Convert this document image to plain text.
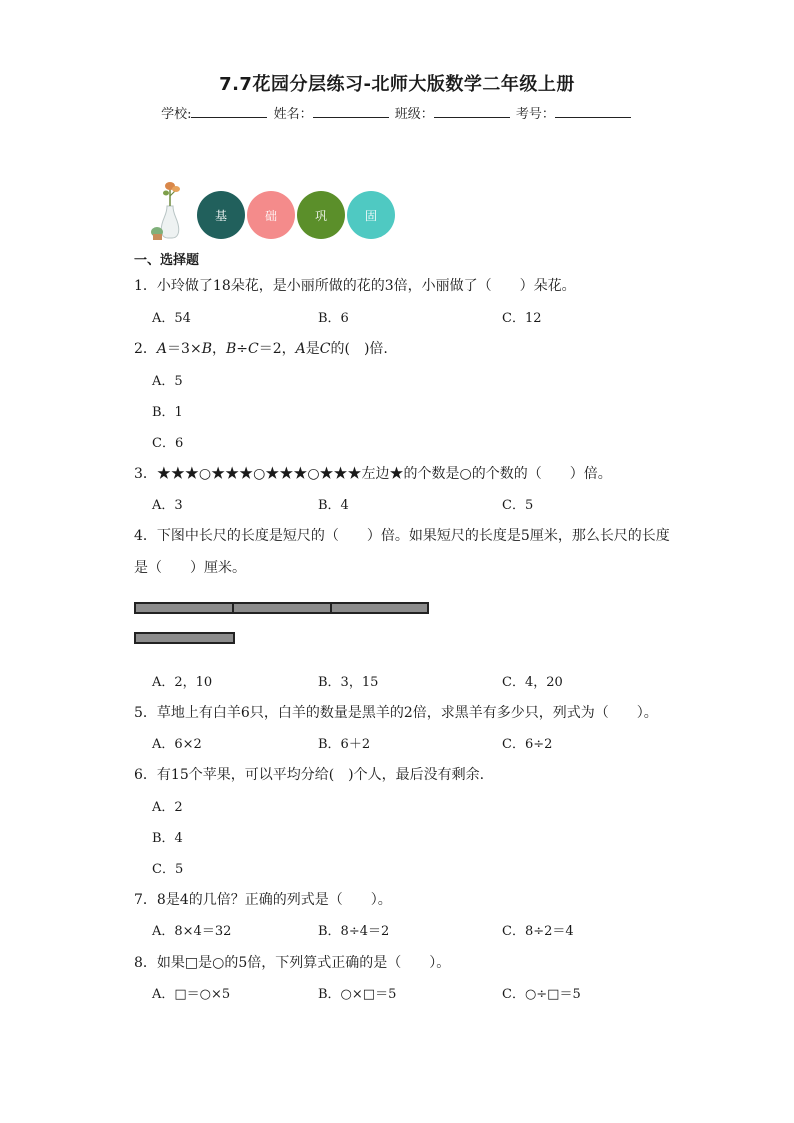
7.7花园分层练习-北师大版数学二年级上册
学校:	姓名：	班级：	考号：
基	础	巩	固
一、选择题
1．小玲做了18朵花，是小丽所做的花的3倍，小丽做了（　　）朵花。
A．54	B．6	C．12
2．A＝3×B，B÷C＝2，A是C的(　)倍.
A．5
B．1
C．6
3．★★★○★★★○★★★○★★★左边★的个数是○的个数的（　　）倍。
A．3	B．4	C．5
4．下图中长尺的长度是短尺的（　　）倍。如果短尺的长度是5厘米，那么长尺的长度
是（　　）厘米。
A．2，10	B．3，15	C．4，20
5．草地上有白羊6只，白羊的数量是黑羊的2倍，求黑羊有多少只，列式为（　　）。
A．6×2	B．6＋2	C．6÷2
6．有15个苹果，可以平均分给(　)个人，最后没有剩余.
A．2
B．4
C．5
7．8是4的几倍？正确的列式是（　　）。
A．8×4＝32	B．8÷4＝2	C．8÷2＝4
8．如果□是○的5倍，下列算式正确的是（　　）。
A．□＝○×5	B．○×□＝5	C．○÷□＝5
